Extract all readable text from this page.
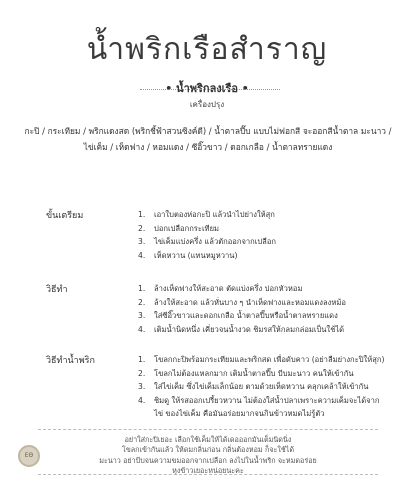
น้ำพริกเรือสำราญ
• น้ำพริกลงเรือ •
เครื่องปรุง
กะปิ / กระเทียม / พริกแดงสด (พริกชี้ฟ้าสวนซิงค์ดี) / น้ำตาลปี๊บ แบบไม่ฟอกสี จะออกสีน้ำตาล มะนาว / ไข่เค็ม / เห็ดฟาง / หอมแดง / ซีอิ๊วขาว / ดอกเกลือ / น้ำตาลทรายแดง
ขั้นเตรียม	1.	เอาใบตองห่อกะปิ แล้วนำไปย่างให้สุก
2.	ปอกเปลือกกระเทียม
3.	ไข่เค็มแบ่งครึ่ง แล้วตักออกจากเปลือก
4.	เห็ดหวาน (แทนหมูหวาน)
วิธีทำ	1.	ล้างเห็ดฟางให้สะอาด ตัดแบ่งครึ่ง ปอกหัวหอม
2.	ล้างให้สะอาด แล้วหั่นบาง ๆ นำเห็ดฟางและหอมแดงลงหม้อ
3.	ใส่ซีอิ๊วขาวและดอกเกลือ น้ำตาลปี๊บหรือน้ำตาลทรายแดง
4.	เติมน้ำนิดหนึ่ง เคี่ยวจนน้ำงวด ชิมรสให้กลมกล่อมเป็นใช้ได้
วิธีทำน้ำพริก	1.	โขลกกะปิพร้อมกระเทียมและพริกสด เพื่อดับคาว (อย่าลืมย่างกะปิให้สุก)
2.	โขลกไม่ต้องแหลกมาก เติมน้ำตาลปี๊บ บีบมะนาว คนให้เข้ากัน
3.	ใส่ไข่เค็ม ซึ่งไข่เค็มเล็กน้อย ตามด้วยเห็ดหวาน คลุกเคล้าให้เข้ากัน
4.	ชิมดู ให้รสออกเปรี้ยวหวาน ไม่ต้องใส่น้ำปลาเพราะความเค็มจะได้จากไข่ ของไข่เค็ม คือมันอร่อยมากจนกินข้าวหมดไม่รู้ตัว
อย่าใส่กะปิเยอะ เลือกใช้เค็มให้ได้เดอออกมันเต็มนิดนิ่ง
โขลกเข้ากันแล้ว ให้ดมกลิ่นก่อน กลิ่นต้องหอม ก็จะใช้ได้
มะนาว อย่าบีบจนความขมออกจากเปลือก ลงไปในน้ำพริก จะหมดอร่อย
หุงข้าวเยอะหน่อยนะคะ
ΕΘ
